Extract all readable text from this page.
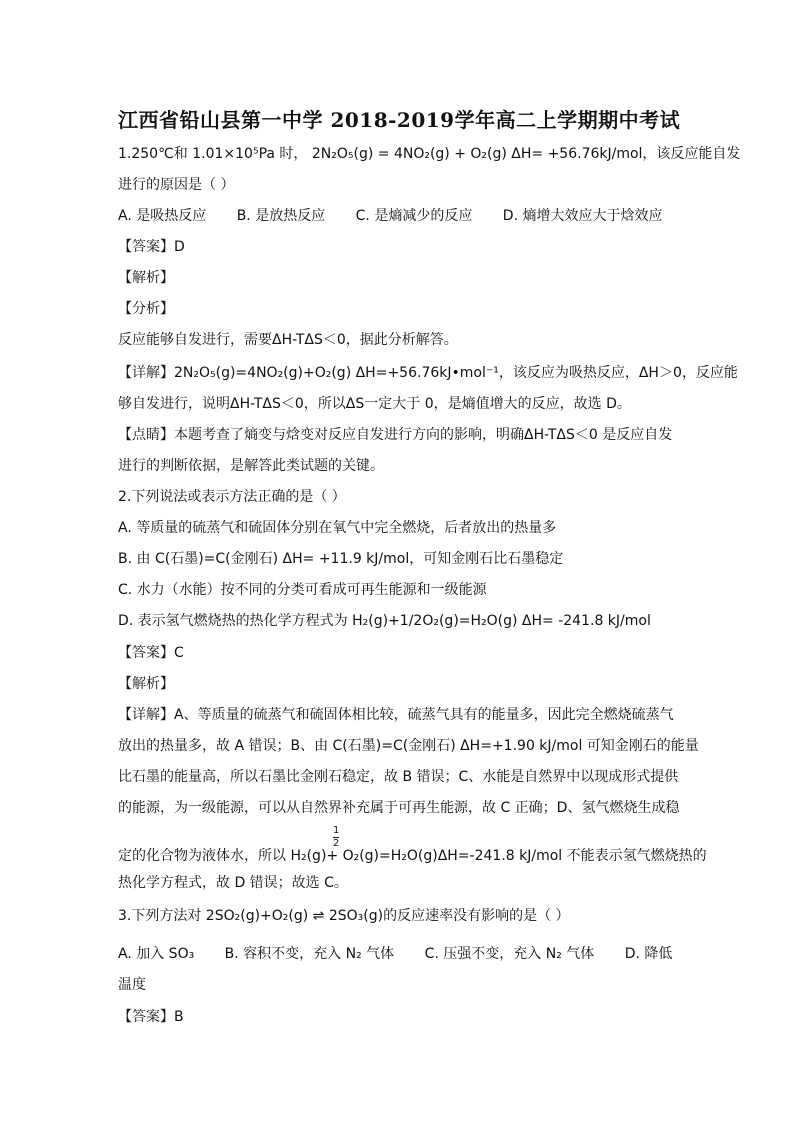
江西省铅山县第一中学 2018-2019学年高二上学期期中考试
1.250℃和 1.01×10⁵Pa 时， 2N₂O₅(g) = 4NO₂(g) + O₂(g) ΔH= +56.76kJ/mol，该反应能自发
进行的原因是（ ）
A. 是吸热反应 B. 是放热反应 C. 是熵减少的反应 D. 熵增大效应大于焓效应
【答案】D
【解析】
【分析】
反应能够自发进行，需要ΔH-TΔS＜0，据此分析解答。
【详解】2N₂O₅(g)=4NO₂(g)+O₂(g) ΔH=+56.76kJ•mol⁻¹，该反应为吸热反应，ΔH＞0，反应能
够自发进行，说明ΔH-TΔS＜0，所以ΔS一定大于 0，是熵值增大的反应，故选 D。
【点睛】本题考查了熵变与焓变对反应自发进行方向的影响，明确ΔH-TΔS＜0 是反应自发
进行的判断依据，是解答此类试题的关键。
2.下列说法或表示方法正确的是（ ）
A. 等质量的硫蒸气和硫固体分别在氧气中完全燃烧，后者放出的热量多
B. 由 C(石墨)=C(金刚石) ΔH= +11.9 kJ/mol，可知金刚石比石墨稳定
C. 水力（水能）按不同的分类可看成可再生能源和一级能源
D. 表示氢气燃烧热的热化学方程式为 H₂(g)+1/2O₂(g)=H₂O(g) ΔH= -241.8 kJ/mol
【答案】C
【解析】
【详解】A、等质量的硫蒸气和硫固体相比较，硫蒸气具有的能量多，因此完全燃烧硫蒸气
放出的热量多，故 A 错误；B、由 C(石墨)=C(金刚石) ΔH=+1.90 kJ/mol 可知金刚石的能量
比石墨的能量高，所以石墨比金刚石稳定，故 B 错误；C、水能是自然界中以现成形式提供
的能源，为一级能源，可以从自然界补充属于可再生能源，故 C 正确；D、氢气燃烧生成稳
1
2
定的化合物为液体水，所以 H₂(g)+ O₂(g)=H₂O(g)ΔH=-241.8 kJ/mol 不能表示氢气燃烧热的
热化学方程式，故 D 错误；故选 C。
3.下列方法对 2SO₂(g)+O₂(g) ⇌ 2SO₃(g)的反应速率没有影响的是（ ）
A. 加入 SO₃ B. 容积不变，充入 N₂ 气体 C. 压强不变，充入 N₂ 气体 D. 降低
温度
【答案】B
